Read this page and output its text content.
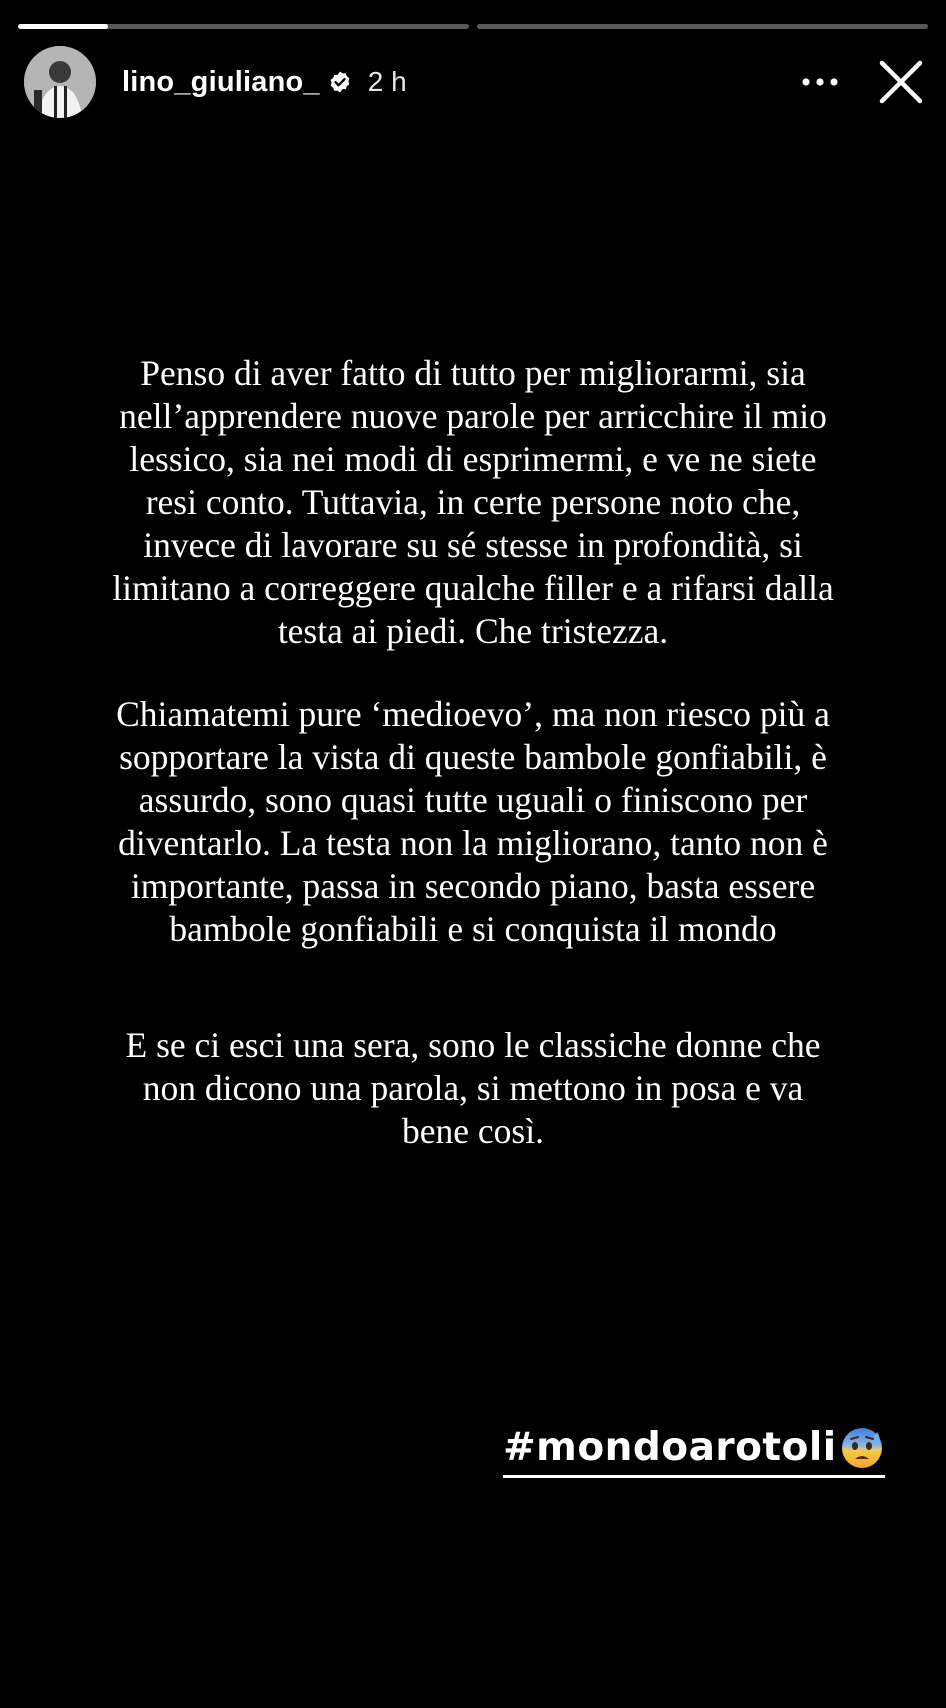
lino_giuliano_ 2 h
Penso di aver fatto di tutto per migliorarmi, sia
nell’apprendere nuove parole per arricchire il mio
lessico, sia nei modi di esprimermi, e ve ne siete
resi conto. Tuttavia, in certe persone noto che,
invece di lavorare su sé stesse in profondità, si
limitano a correggere qualche filler e a rifarsi dalla
testa ai piedi. Che tristezza.
Chiamatemi pure ‘medioevo’, ma non riesco più a
sopportare la vista di queste bambole gonfiabili, è
assurdo, sono quasi tutte uguali o finiscono per
diventarlo. La testa non la migliorano, tanto non è
importante, passa in secondo piano, basta essere
bambole gonfiabili e si conquista il mondo
E se ci esci una sera, sono le classiche donne che
non dicono una parola, si mettono in posa e va
bene così.
#mondoarotoli
